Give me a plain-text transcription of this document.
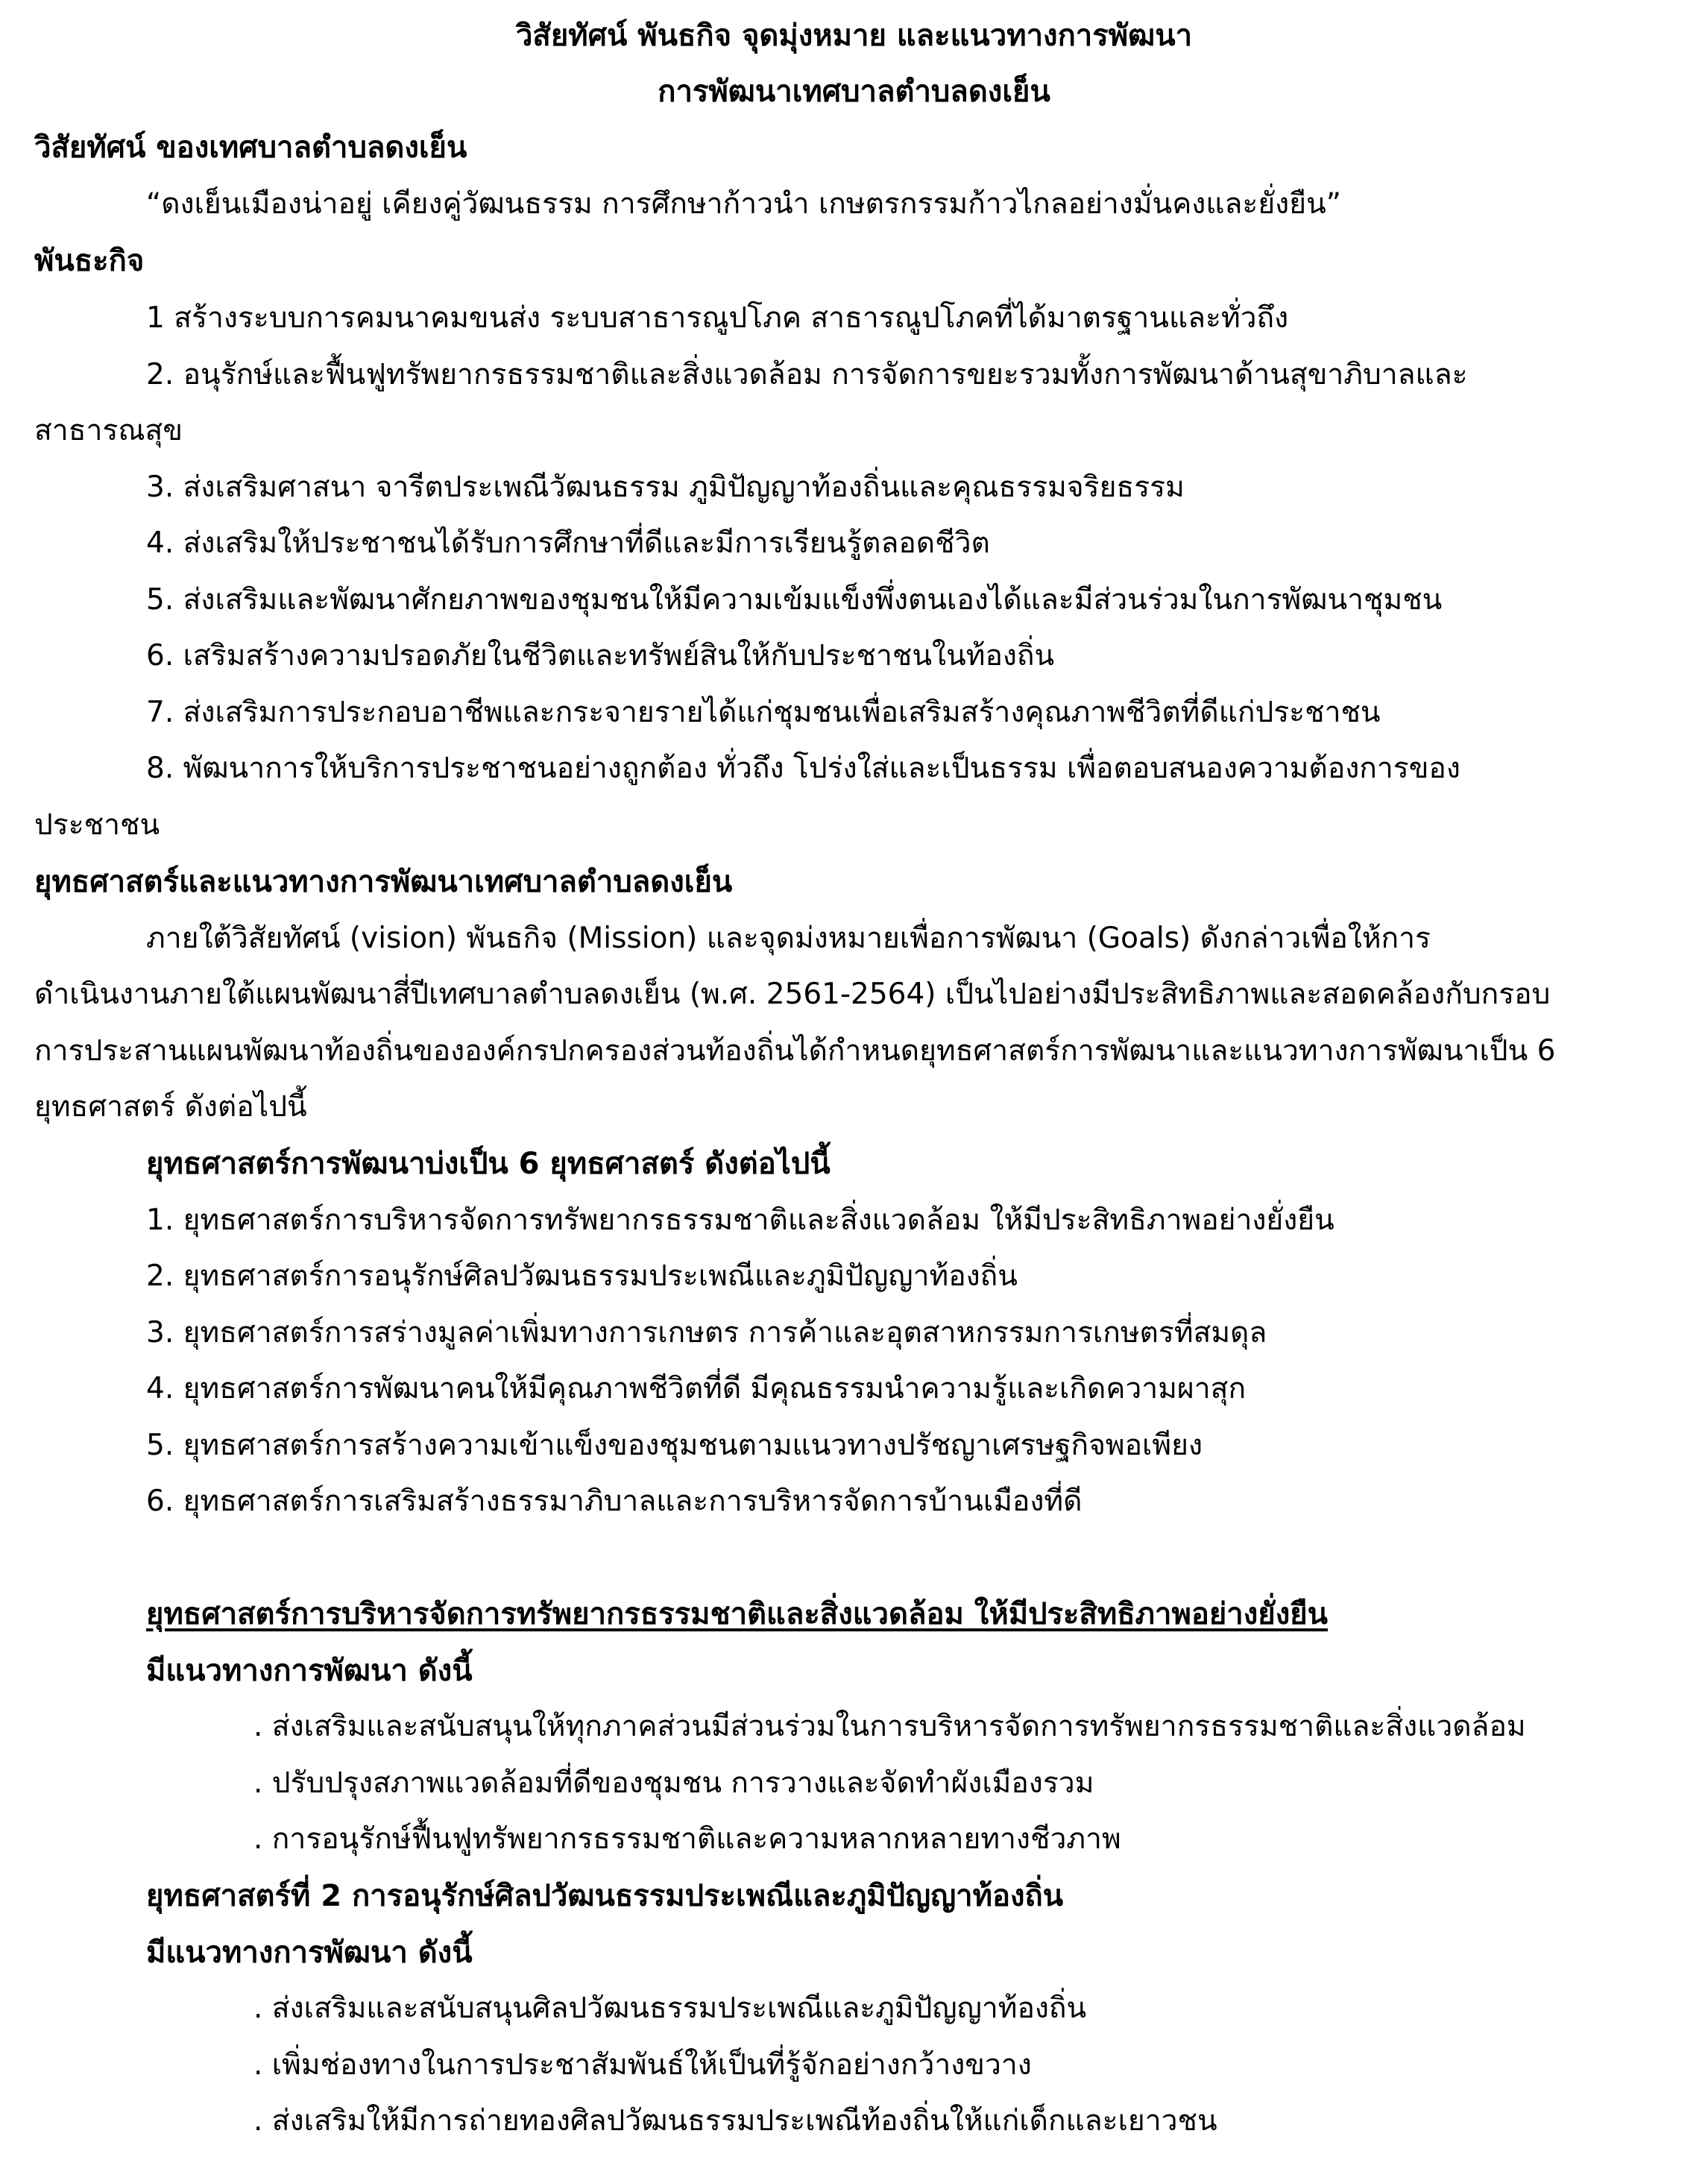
วิสัยทัศน์ พันธกิจ จุดมุ่งหมาย และแนวทางการพัฒนา
การพัฒนาเทศบาลตำบลดงเย็น
วิสัยทัศน์ ของเทศบาลตำบลดงเย็น
“ดงเย็นเมืองน่าอยู่ เคียงคู่วัฒนธรรม การศึกษาก้าวนำ เกษตรกรรมก้าวไกลอย่างมั่นคงและยั่งยืน”
พันธะกิจ
1 สร้างระบบการคมนาคมขนส่ง ระบบสาธารณูปโภค สาธารณูปโภคที่ได้มาตรฐานและทั่วถึง
2. อนุรักษ์และฟื้นฟูทรัพยากรธรรมชาติและสิ่งแวดล้อม การจัดการขยะรวมทั้งการพัฒนาด้านสุขาภิบาลและ
สาธารณสุข
3. ส่งเสริมศาสนา จารีตประเพณีวัฒนธรรม ภูมิปัญญาท้องถิ่นและคุณธรรมจริยธรรม
4. ส่งเสริมให้ประชาชนได้รับการศึกษาที่ดีและมีการเรียนรู้ตลอดชีวิต
5. ส่งเสริมและพัฒนาศักยภาพของชุมชนให้มีความเข้มแข็งพึ่งตนเองได้และมีส่วนร่วมในการพัฒนาชุมชน
6. เสริมสร้างความปรอดภัยในชีวิตและทรัพย์สินให้กับประชาชนในท้องถิ่น
7. ส่งเสริมการประกอบอาชีพและกระจายรายได้แก่ชุมชนเพื่อเสริมสร้างคุณภาพชีวิตที่ดีแก่ประชาชน
8. พัฒนาการให้บริการประชาชนอย่างถูกต้อง ทั่วถึง โปร่งใส่และเป็นธรรม เพื่อตอบสนองความต้องการของ
ประชาชน
ยุทธศาสตร์และแนวทางการพัฒนาเทศบาลตำบลดงเย็น
ภายใต้วิสัยทัศน์ (vision) พันธกิจ (Mission) และจุดม่งหมายเพื่อการพัฒนา (Goals) ดังกล่าวเพื่อให้การ
ดำเนินงานภายใต้แผนพัฒนาสี่ปีเทศบาลตำบลดงเย็น (พ.ศ. 2561-2564) เป็นไปอย่างมีประสิทธิภาพและสอดคล้องกับกรอบ
การประสานแผนพัฒนาท้องถิ่นขององค์กรปกครองส่วนท้องถิ่นได้กำหนดยุทธศาสตร์การพัฒนาและแนวทางการพัฒนาเป็น 6
ยุทธศาสตร์ ดังต่อไปนี้
ยุทธศาสตร์การพัฒนาบ่งเป็น 6 ยุทธศาสตร์ ดังต่อไปนี้
1. ยุทธศาสตร์การบริหารจัดการทรัพยากรธรรมชาติและสิ่งแวดล้อม ให้มีประสิทธิภาพอย่างยั่งยืน
2. ยุทธศาสตร์การอนุรักษ์ศิลปวัฒนธรรมประเพณีและภูมิปัญญาท้องถิ่น
3. ยุทธศาสตร์การสร่างมูลค่าเพิ่มทางการเกษตร การค้าและอุตสาหกรรมการเกษตรที่สมดุล
4. ยุทธศาสตร์การพัฒนาคนให้มีคุณภาพชีวิตที่ดี มีคุณธรรมนำความรู้และเกิดความผาสุก
5. ยุทธศาสตร์การสร้างความเข้าแข็งของชุมชนตามแนวทางปรัชญาเศรษฐกิจพอเพียง
6. ยุทธศาสตร์การเสริมสร้างธรรมาภิบาลและการบริหารจัดการบ้านเมืองที่ดี
ยุทธศาสตร์การบริหารจัดการทรัพยากรธรรมชาติและสิ่งแวดล้อม ให้มีประสิทธิภาพอย่างยั่งยืน
มีแนวทางการพัฒนา ดังนี้
. ส่งเสริมและสนับสนุนให้ทุกภาคส่วนมีส่วนร่วมในการบริหารจัดการทรัพยากรธรรมชาติและสิ่งแวดล้อม
. ปรับปรุงสภาพแวดล้อมที่ดีของชุมชน การวางและจัดทำผังเมืองรวม
. การอนุรักษ์ฟื้นฟูทรัพยากรธรรมชาติและความหลากหลายทางชีวภาพ
ยุทธศาสตร์ที่ 2 การอนุรักษ์ศิลปวัฒนธรรมประเพณีและภูมิปัญญาท้องถิ่น
มีแนวทางการพัฒนา ดังนี้
. ส่งเสริมและสนับสนุนศิลปวัฒนธรรมประเพณีและภูมิปัญญาท้องถิ่น
. เพิ่มช่องทางในการประชาสัมพันธ์ให้เป็นที่รู้จักอย่างกว้างขวาง
. ส่งเสริมให้มีการถ่ายทองศิลปวัฒนธรรมประเพณีท้องถิ่นให้แก่เด็กและเยาวชน
